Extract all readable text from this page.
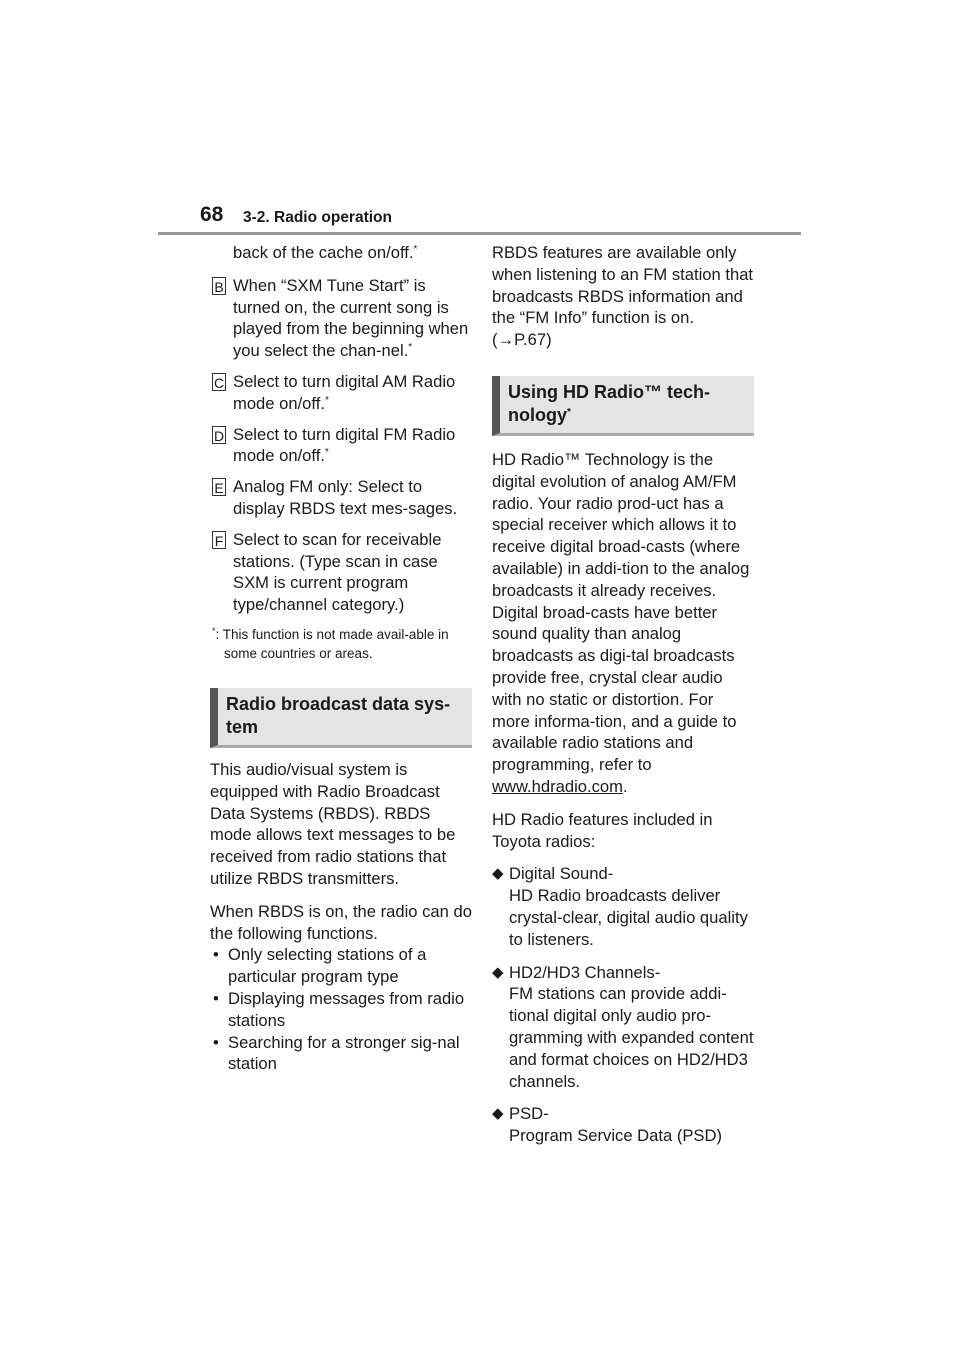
68 3-2. Radio operation
back of the cache on/off.*
B When “SXM Tune Start” is turned on, the current song is played from the beginning when you select the chan-nel.*
C Select to turn digital AM Radio mode on/off.*
D Select to turn digital FM Radio mode on/off.*
E Analog FM only: Select to display RBDS text mes-sages.
F Select to scan for receivable stations. (Type scan in case SXM is current program type/channel category.)
*: This function is not made avail-able in some countries or areas.
Radio broadcast data sys-tem

This audio/visual system is equipped with Radio Broadcast Data Systems (RBDS). RBDS mode allows text messages to be received from radio stations that utilize RBDS transmitters.

When RBDS is on, the radio can do the following functions.

• Only selecting stations of a particular program type
• Displaying messages from radio stations
• Searching for a stronger sig-nal station

RBDS features are available only when listening to an FM station that broadcasts RBDS information and the “FM Info” function is on. (→P.67)

Using HD Radio™ tech-nology*

HD Radio™ Technology is the digital evolution of analog AM/FM radio. Your radio prod-uct has a special receiver which allows it to receive digital broad-casts (where available) in addi-tion to the analog broadcasts it already receives. Digital broad-casts have better sound quality than analog broadcasts as digi-tal broadcasts provide free, crystal clear audio with no static or distortion. For more informa-tion, and a guide to available radio stations and programming, refer to www.hdradio.com.

HD Radio features included in Toyota radios:

◆ Digital Sound-
HD Radio broadcasts deliver crystal-clear, digital audio quality to listeners.
◆ HD2/HD3 Channels-
FM stations can provide addi-tional digital only audio pro-gramming with expanded content and format choices on HD2/HD3 channels.
◆ PSD-
Program Service Data (PSD)
